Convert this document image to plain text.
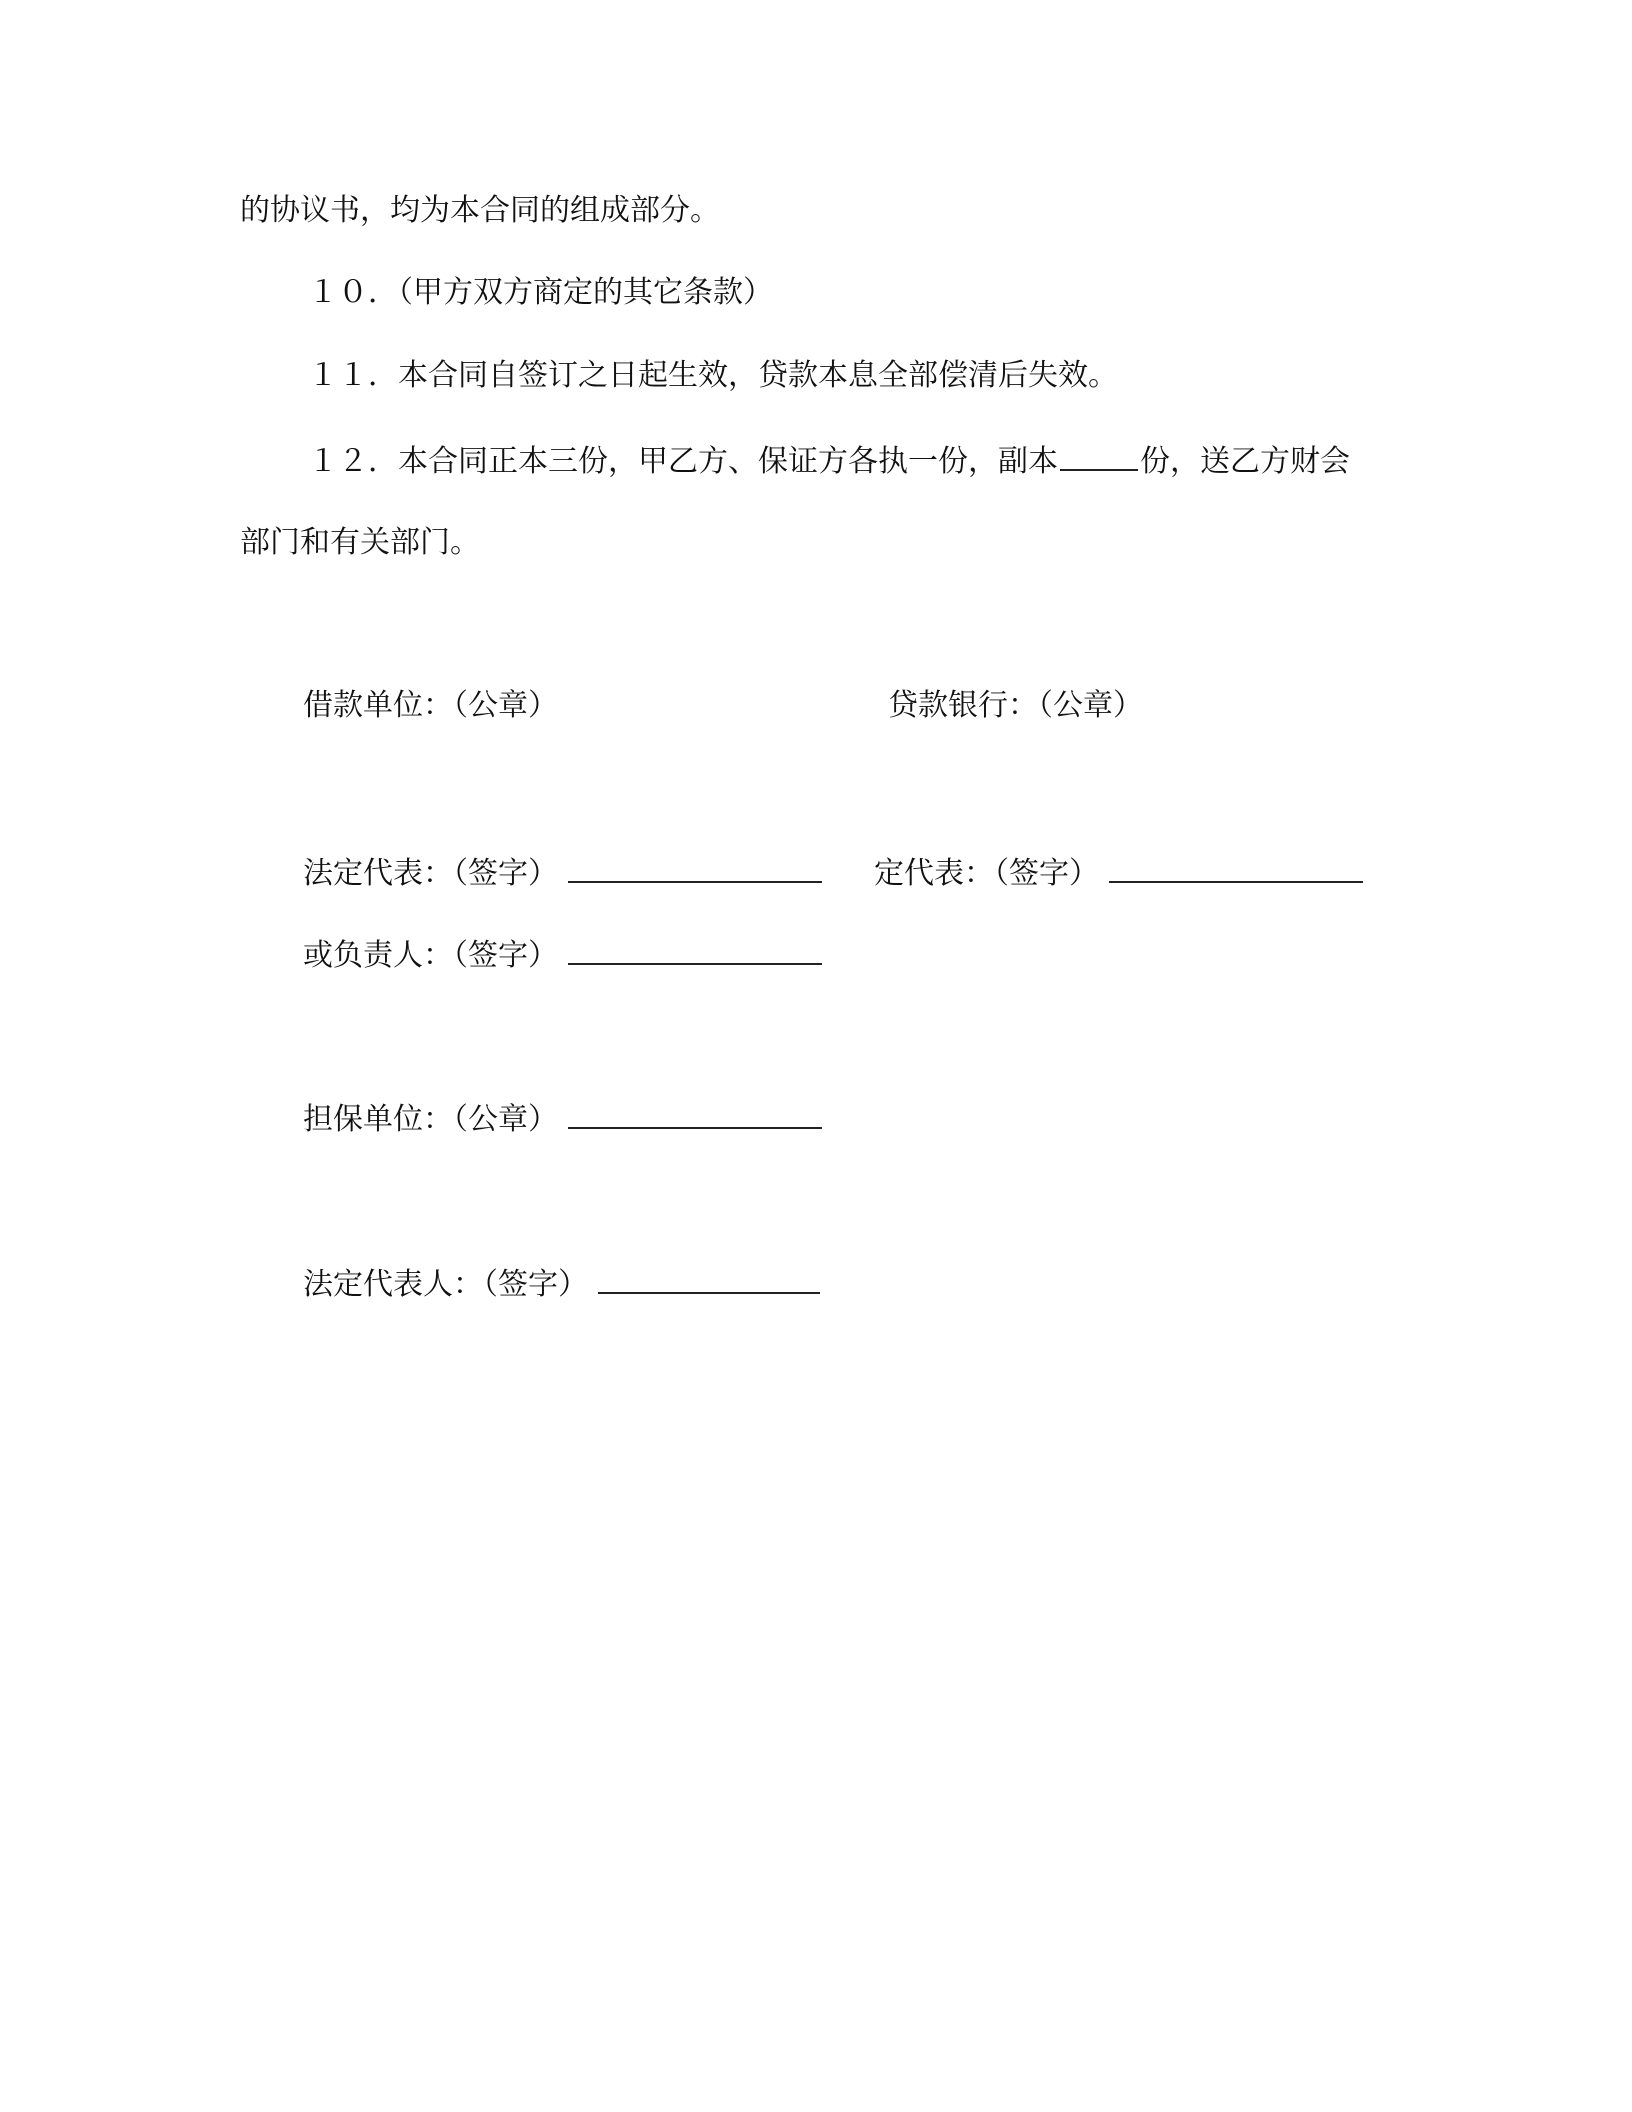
的协议书，均为本合同的组成部分。
１０．（甲方双方商定的其它条款）
１１．本合同自签订之日起生效，贷款本息全部偿清后失效。
１２．本合同正本三份，甲乙方、保证方各执一份，副本	份，送乙方财会
部门和有关部门。
借款单位：（公章）	贷款银行：（公章）
法定代表：（签字）	定代表：（签字）
或负责人：（签字）
担保单位：（公章）
法定代表人：（签字）
